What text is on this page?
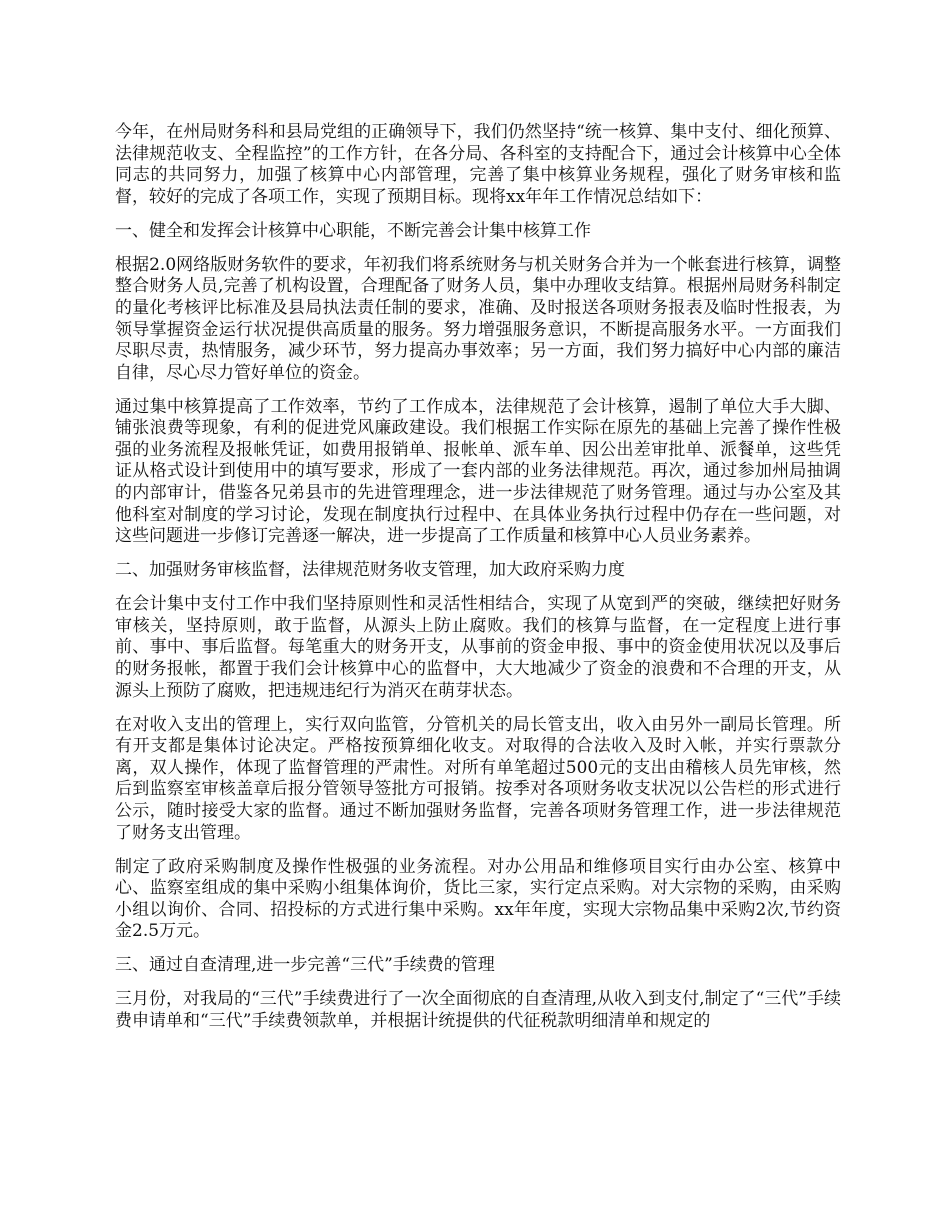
今年，在州局财务科和县局党组的正确领导下，我们仍然坚持“统一核算、集中支付、细化预算、法律规范收支、全程监控”的工作方针，在各分局、各科室的支持配合下，通过会计核算中心全体同志的共同努力，加强了核算中心内部管理，完善了集中核算业务规程，强化了财务审核和监督，较好的完成了各项工作，实现了预期目标。现将xx年年工作情况总结如下：

一、健全和发挥会计核算中心职能，不断完善会计集中核算工作

根据2.0网络版财务软件的要求，年初我们将系统财务与机关财务合并为一个帐套进行核算，调整整合财务人员,完善了机构设置，合理配备了财务人员，集中办理收支结算。根据州局财务科制定的量化考核评比标准及县局执法责任制的要求，准确、及时报送各项财务报表及临时性报表，为领导掌握资金运行状况提供高质量的服务。努力增强服务意识，不断提高服务水平。一方面我们尽职尽责，热情服务，减少环节，努力提高办事效率；另一方面，我们努力搞好中心内部的廉洁自律，尽心尽力管好单位的资金。

通过集中核算提高了工作效率，节约了工作成本，法律规范了会计核算，遏制了单位大手大脚、铺张浪费等现象，有利的促进党风廉政建设。我们根据工作实际在原先的基础上完善了操作性极强的业务流程及报帐凭证，如费用报销单、报帐单、派车单、因公出差审批单、派餐单，这些凭证从格式设计到使用中的填写要求，形成了一套内部的业务法律规范。再次，通过参加州局抽调的内部审计，借鉴各兄弟县市的先进管理理念，进一步法律规范了财务管理。通过与办公室及其他科室对制度的学习讨论，发现在制度执行过程中、在具体业务执行过程中仍存在一些问题，对这些问题进一步修订完善逐一解决，进一步提高了工作质量和核算中心人员业务素养。

二、加强财务审核监督，法律规范财务收支管理，加大政府采购力度

在会计集中支付工作中我们坚持原则性和灵活性相结合，实现了从宽到严的突破，继续把好财务审核关，坚持原则，敢于监督，从源头上防止腐败。我们的核算与监督，在一定程度上进行事前、事中、事后监督。每笔重大的财务开支，从事前的资金申报、事中的资金使用状况以及事后的财务报帐，都置于我们会计核算中心的监督中，大大地减少了资金的浪费和不合理的开支，从源头上预防了腐败，把违规违纪行为消灭在萌芽状态。

在对收入支出的管理上，实行双向监管，分管机关的局长管支出，收入由另外一副局长管理。所有开支都是集体讨论决定。严格按预算细化收支。对取得的合法收入及时入帐，并实行票款分离，双人操作，体现了监督管理的严肃性。对所有单笔超过500元的支出由稽核人员先审核，然后到监察室审核盖章后报分管领导签批方可报销。按季对各项财务收支状况以公告栏的形式进行公示，随时接受大家的监督。通过不断加强财务监督，完善各项财务管理工作，进一步法律规范了财务支出管理。

制定了政府采购制度及操作性极强的业务流程。对办公用品和维修项目实行由办公室、核算中心、监察室组成的集中采购小组集体询价，货比三家，实行定点采购。对大宗物的采购，由采购小组以询价、合同、招投标的方式进行集中采购。xx年年度，实现大宗物品集中采购2次,节约资金2.5万元。

三、通过自查清理,进一步完善“三代”手续费的管理

三月份，对我局的“三代”手续费进行了一次全面彻底的自查清理,从收入到支付,制定了“三代”手续费申请单和“三代”手续费领款单，并根据计统提供的代征税款明细清单和规定的
